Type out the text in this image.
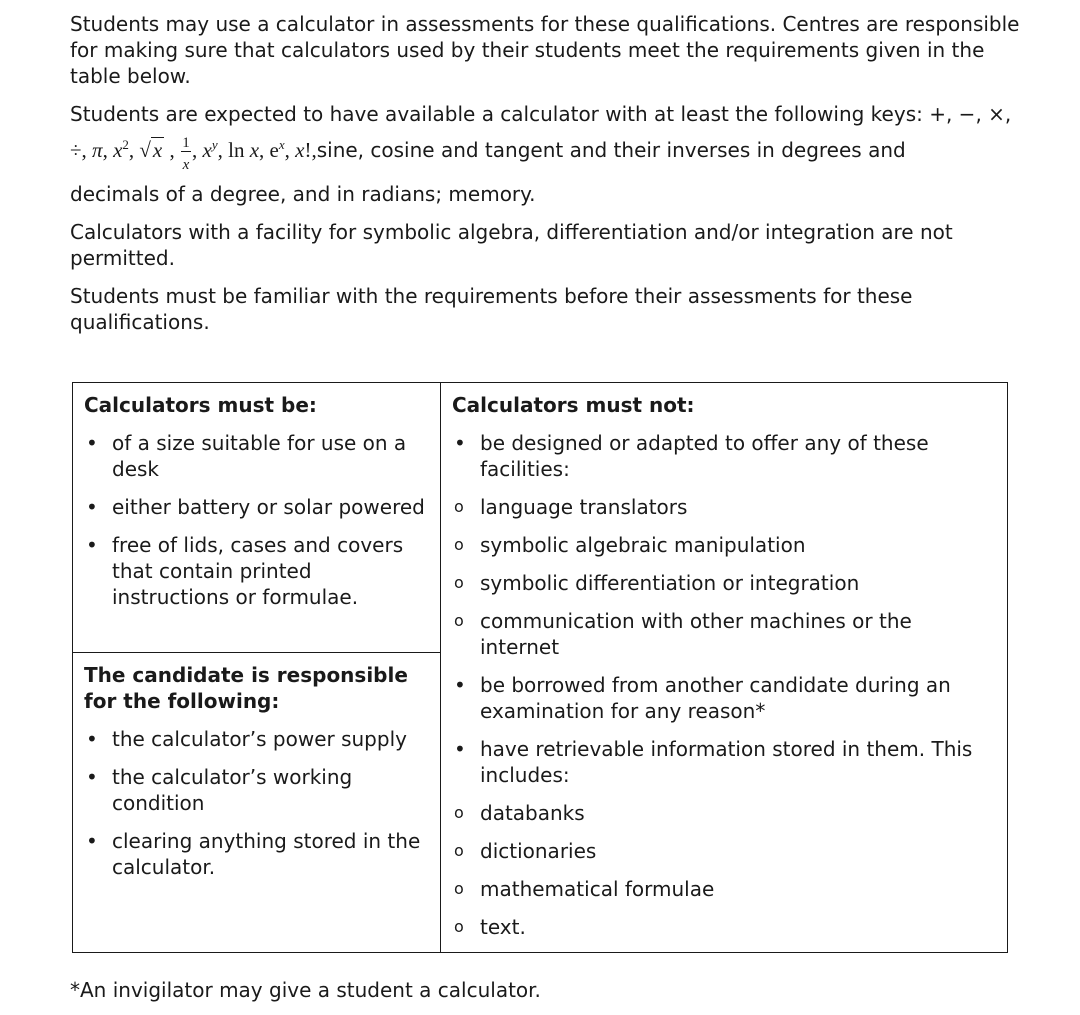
Students may use a calculator in assessments for these qualifications. Centres are responsible for making sure that calculators used by their students meet the requirements given in the table below.

Students are expected to have available a calculator with at least the following keys: +, −, ×,
÷, π, $x^2$, √x , $\frac{1}{x}$ , $x^y$, ln x, $e^x$, x!,sine, cosine and tangent and their inverses in degrees and
decimals of a degree, and in radians; memory.

Calculators with a facility for symbolic algebra, differentiation and/or integration are not permitted.

Students must be familiar with the requirements before their assessments for these qualifications.

Calculators must be:
• of a size suitable for use on a desk
• either battery or solar powered
• free of lids, cases and covers that contain printed instructions or formulae.

Calculators must not:
• be designed or adapted to offer any of these facilities:
o language translators
o symbolic algebraic manipulation
o symbolic differentiation or integration
o communication with other machines or the internet
• be borrowed from another candidate during an examination for any reason*
• have retrievable information stored in them. This includes:
o databanks
o dictionaries
o mathematical formulae
o text.

The candidate is responsible for the following:
• the calculator’s power supply
• the calculator’s working condition
• clearing anything stored in the calculator.

*An invigilator may give a student a calculator.
